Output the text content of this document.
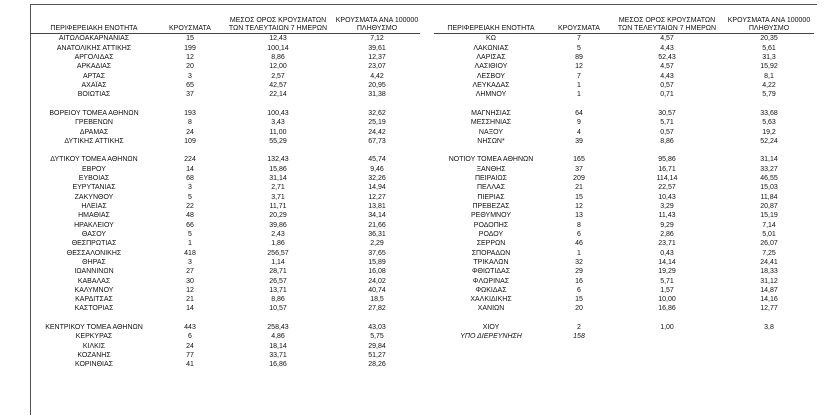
ΠΕΡΙΦΕΡΕΙΑΚΗ ΕΝΟΤΗΤΑ	ΚΡΟΥΣΜΑΤΑ	ΜΕΣΟΣ ΟΡΟΣ ΚΡΟΥΣΜΑΤΩΝ ΤΩΝ ΤΕΛΕΥΤΑΙΩΝ 7 ΗΜΕΡΩΝ	ΚΡΟΥΣΜΑΤΑ ΑΝΑ 100000 ΠΛΗΘΥΣΜΟ

ΑΙΤΩΛΟΑΚΑΡΝΑΝΙΑΣ	15	12,43	7,12
ΑΝΑΤΟΛΙΚΗΣ ΑΤΤΙΚΗΣ	199	100,14	39,61
ΑΡΓΟΛΙΔΑΣ	12	8,86	12,37
ΑΡΚΑΔΙΑΣ	20	12,00	23,07
ΑΡΤΑΣ	3	2,57	4,42
ΑΧΑΪΑΣ	65	42,57	20,95
ΒΟΙΩΤΙΑΣ	37	22,14	31,38

ΒΟΡΕΙΟΥ ΤΟΜΕΑ ΑΘΗΝΩΝ	193	100,43	32,62
ΓΡΕΒΕΝΩΝ	8	3,43	25,19
ΔΡΑΜΑΣ	24	11,00	24,42
ΔΥΤΙΚΗΣ ΑΤΤΙΚΗΣ	109	55,29	67,73

ΔΥΤΙΚΟΥ ΤΟΜΕΑ ΑΘΗΝΩΝ	224	132,43	45,74
ΕΒΡΟΥ	14	15,86	9,46
ΕΥΒΟΙΑΣ	68	31,14	32,26
ΕΥΡΥΤΑΝΙΑΣ	3	2,71	14,94
ΖΑΚΥΝΘΟΥ	5	3,71	12,27
ΗΛΕΙΑΣ	22	11,71	13,81
ΗΜΑΘΙΑΣ	48	20,29	34,14
ΗΡΑΚΛΕΙΟΥ	66	39,86	21,66
ΘΑΣΟΥ	5	2,43	36,31
ΘΕΣΠΡΩΤΙΑΣ	1	1,86	2,29
ΘΕΣΣΑΛΟΝΙΚΗΣ	418	256,57	37,65
ΘΗΡΑΣ	3	1,14	15,89
ΙΩΑΝΝΙΝΩΝ	27	28,71	16,08
ΚΑΒΑΛΑΣ	30	26,57	24,02
ΚΑΛΥΜΝΟΥ	12	13,71	40,74
ΚΑΡΔΙΤΣΑΣ	21	8,86	18,5
ΚΑΣΤΟΡΙΑΣ	14	10,57	27,82

ΚΕΝΤΡΙΚΟΥ ΤΟΜΕΑ ΑΘΗΝΩΝ	443	258,43	43,03
ΚΕΡΚΥΡΑΣ	6	4,86	5,75
ΚΙΛΚΙΣ	24	18,14	29,84
ΚΟΖΑΝΗΣ	77	33,71	51,27
ΚΟΡΙΝΘΙΑΣ	41	16,86	28,26
ΠΕΡΙΦΕΡΕΙΑΚΗ ΕΝΟΤΗΤΑ	ΚΡΟΥΣΜΑΤΑ	ΜΕΣΟΣ ΟΡΟΣ ΚΡΟΥΣΜΑΤΩΝ ΤΩΝ ΤΕΛΕΥΤΑΙΩΝ 7 ΗΜΕΡΩΝ	ΚΡΟΥΣΜΑΤΑ ΑΝΑ 100000 ΠΛΗΘΥΣΜΟ

ΚΩ	7	4,57	20,35
ΛΑΚΩΝΙΑΣ	5	4,43	5,61
ΛΑΡΙΣΑΣ	89	52,43	31,3
ΛΑΣΙΘΙΟΥ	12	4,57	15,92
ΛΕΣΒΟΥ	7	4,43	8,1
ΛΕΥΚΑΔΑΣ	1	0,57	4,22
ΛΗΜΝΟΥ	1	0,71	5,79

ΜΑΓΝΗΣΙΑΣ	64	30,57	33,68
ΜΕΣΣΗΝΙΑΣ	9	5,71	5,63
ΝΑΞΟΥ	4	0,57	19,2
ΝΗΣΩΝ*	39	8,86	52,24

ΝΟΤΙΟΥ ΤΟΜΕΑ ΑΘΗΝΩΝ	165	95,86	31,14
ΞΑΝΘΗΣ	37	16,71	33,27
ΠΕΙΡΑΙΩΣ	209	114,14	46,55
ΠΕΛΛΑΣ	21	22,57	15,03
ΠΙΕΡΙΑΣ	15	10,43	11,84
ΠΡΕΒΕΖΑΣ	12	3,29	20,87
ΡΕΘΥΜΝΟΥ	13	11,43	15,19
ΡΟΔΟΠΗΣ	8	9,29	7,14
ΡΟΔΟΥ	6	2,86	5,01
ΣΕΡΡΩΝ	46	23,71	26,07
ΣΠΟΡΑΔΩΝ	1	0,43	7,25
ΤΡΙΚΑΛΩΝ	32	14,14	24,41
ΦΘΙΩΤΙΔΑΣ	29	19,29	18,33
ΦΛΩΡΙΝΑΣ	16	5,71	31,12
ΦΩΚΙΔΑΣ	6	1,57	14,87
ΧΑΛΚΙΔΙΚΗΣ	15	10,00	14,16
ΧΑΝΙΩΝ	20	16,86	12,77

ΧΙΟΥ	2	1,00	3,8
ΥΠΟ ΔΙΕΡΕΥΝΗΣΗ	158		
